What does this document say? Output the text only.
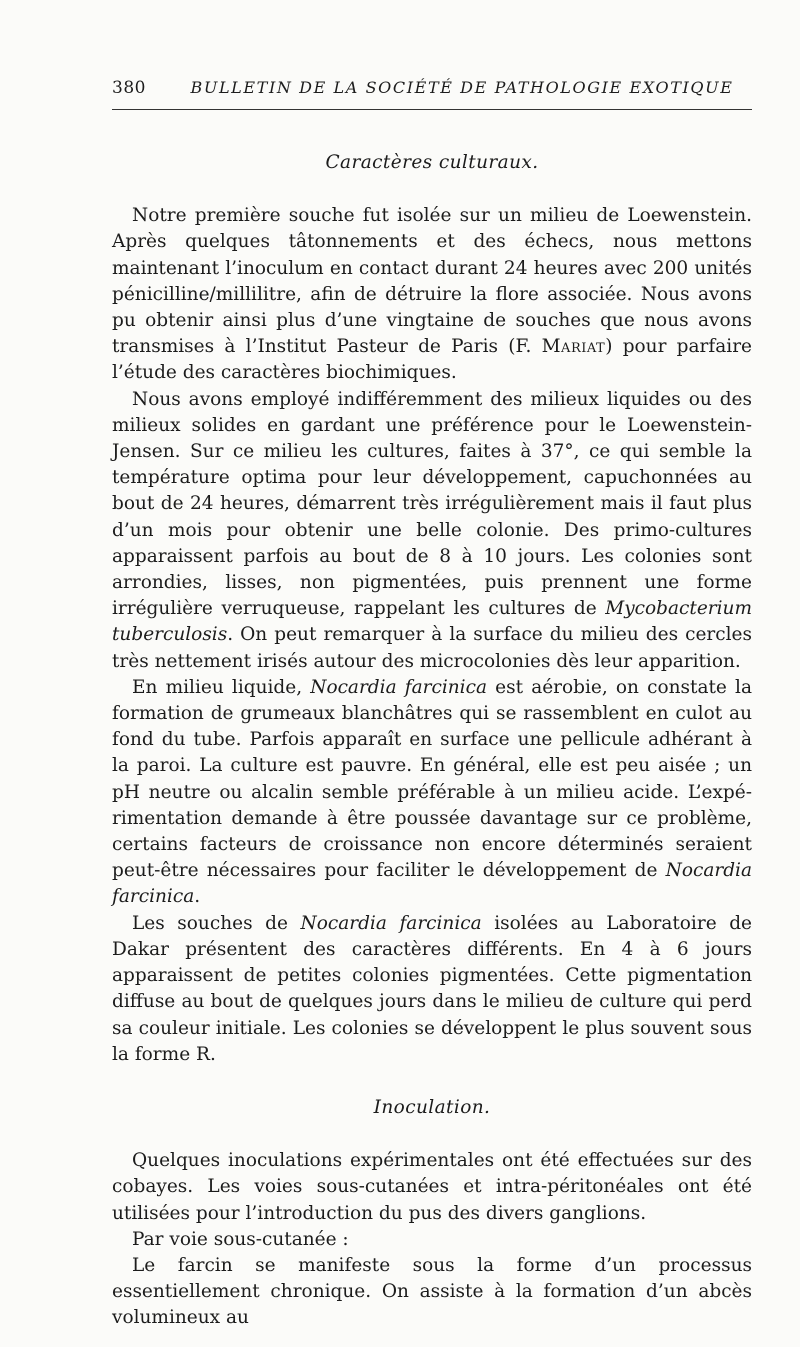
380	BULLETIN DE LA SOCIÉTÉ DE PATHOLOGIE EXOTIQUE
Caractères culturaux.

Notre première souche fut isolée sur un milieu de Loewenstein. Après quelques tâtonnements et des échecs, nous mettons maintenant l’inoculum en contact durant 24 heures avec 200 unités pénicilline/millilitre, afin de détruire la flore associée. Nous avons pu obtenir ainsi plus d’une vingtaine de souches que nous avons transmises à l’Institut Pasteur de Paris (F. Mariat) pour parfaire l’étude des caractères biochimiques.

Nous avons employé indifféremment des milieux liquides ou des milieux solides en gardant une préférence pour le Loewenstein-Jensen. Sur ce milieu les cultures, faites à 37°, ce qui semble la température optima pour leur développement, capuchonnées au bout de 24 heures, démarrent très irrégulièrement mais il faut plus d’un mois pour obtenir une belle colonie. Des primo-cultures apparaissent parfois au bout de 8 à 10 jours. Les colonies sont arrondies, lisses, non pigmentées, puis prennent une forme irrégulière verruqueuse, rappelant les cultures de Mycobacterium tuberculosis. On peut remarquer à la surface du milieu des cercles très nettement irisés autour des microcolonies dès leur apparition.

En milieu liquide, Nocardia farcinica est aérobie, on constate la formation de grumeaux blanchâtres qui se rassemblent en culot au fond du tube. Parfois apparaît en surface une pellicule adhérant à la paroi. La culture est pauvre. En général, elle est peu aisée ; un pH neutre ou alcalin semble préférable à un milieu acide. L’expérimentation demande à être poussée davantage sur ce problème, certains facteurs de croissance non encore déterminés seraient peut-être nécessaires pour faciliter le développement de Nocardia farcinica.

Les souches de Nocardia farcinica isolées au Laboratoire de Dakar présentent des caractères différents. En 4 à 6 jours apparaissent de petites colonies pigmentées. Cette pigmentation diffuse au bout de quelques jours dans le milieu de culture qui perd sa couleur initiale. Les colonies se développent le plus souvent sous la forme R.

Inoculation.

Quelques inoculations expérimentales ont été effectuées sur des cobayes. Les voies sous-cutanées et intra-péritonéales ont été utilisées pour l’introduction du pus des divers ganglions.

Par voie sous-cutanée :

Le farcin se manifeste sous la forme d’un processus essentiellement chronique. On assiste à la formation d’un abcès volumineux au
